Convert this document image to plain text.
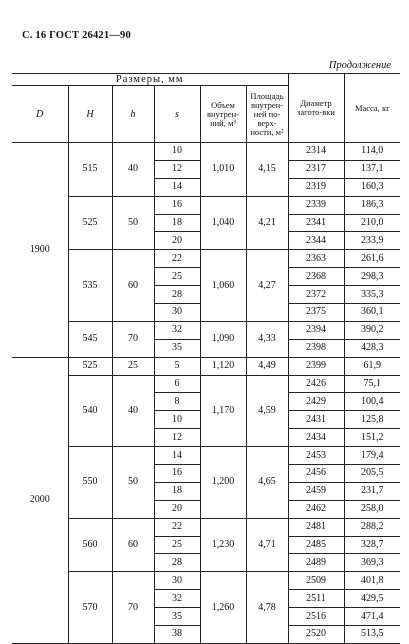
С. 16 ГОСТ 26421—90
Продолжение
Размеры, мм						Диаметр загото-вки	Масса, кг
D	H	h	s	Объем внутрен-ний, м³	Площадь внутрен-ней по-верх-ности, м²		
1900	515	40	10	1,010	4,15	2314	114,0
			12			2317	137,1
			14			2319	160,3
	525	50	16	1,040	4,21	2339	186,3
			18			2341	210,0
			20			2344	233,9
	535	60	22	1,060	4,27	2363	261,6
			25			2368	298,3
			28			2372	335,3
			30			2375	360,1
	545	70	32	1,090	4,33	2394	390,2
			35			2398	428,3
2000	525	25	5	1,120	4,49	2399	61,9
	540	40	6	1,170	4,59	2426	75,1
			8			2429	100,4
			10			2431	125,8
			12			2434	151,2
	550	50	14	1,200	4,65	2453	179,4
			16			2456	205,5
			18			2459	231,7
			20			2462	258,0
	560	60	22	1,230	4,71	2481	288,2
			25			2485	328,7
			28			2489	369,3
	570	70	30	1,260	4,78	2509	401,8
			32			2511	429,5
			35			2516	471,4
			38			2520	513,5
